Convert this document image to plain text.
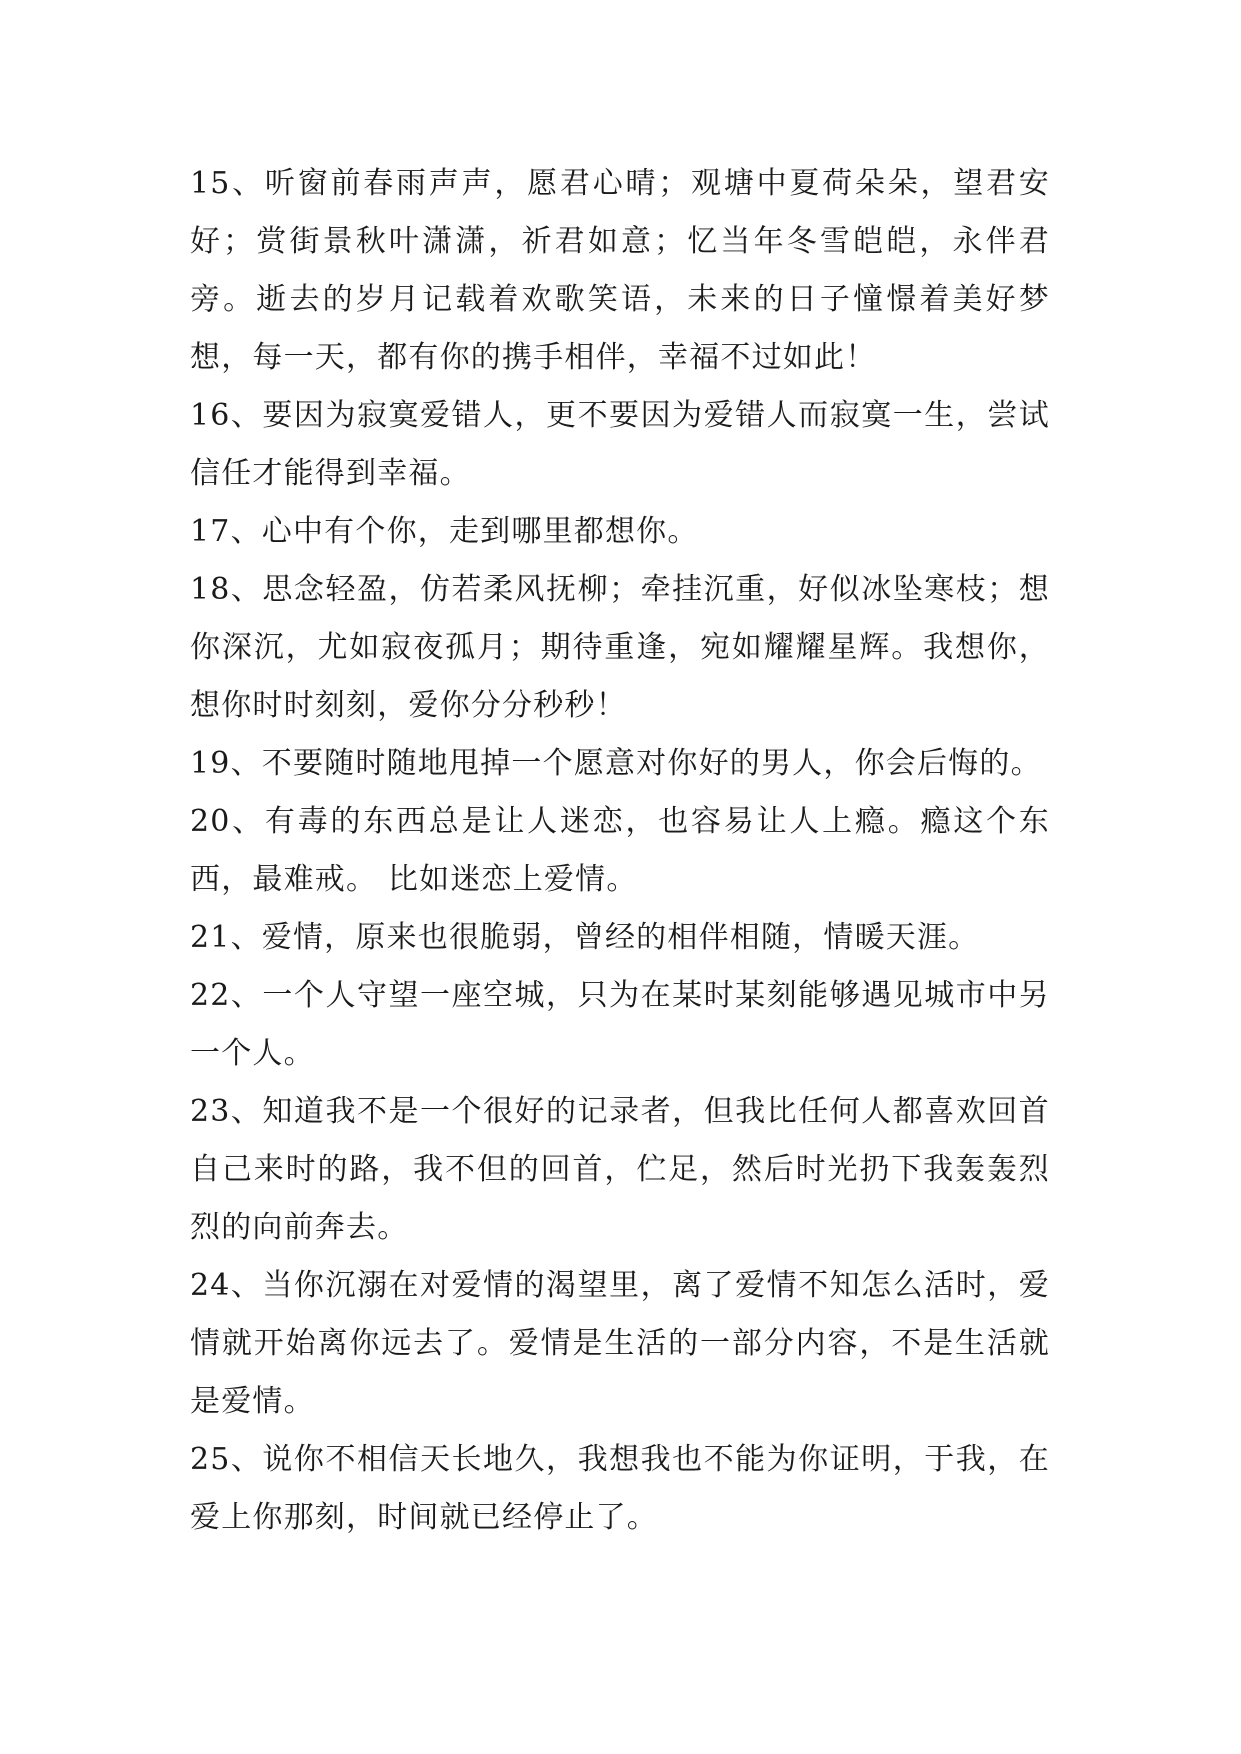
15、听窗前春雨声声，愿君心晴；观塘中夏荷朵朵，望君安好；赏街景秋叶潇潇，祈君如意；忆当年冬雪皑皑，永伴君旁。逝去的岁月记载着欢歌笑语，未来的日子憧憬着美好梦想，每一天，都有你的携手相伴，幸福不过如此！

16、要因为寂寞爱错人，更不要因为爱错人而寂寞一生，尝试信任才能得到幸福。

17、心中有个你，走到哪里都想你。

18、思念轻盈，仿若柔风抚柳；牵挂沉重，好似冰坠寒枝；想你深沉，尤如寂夜孤月；期待重逢，宛如耀耀星辉。我想你，想你时时刻刻，爱你分分秒秒！

19、不要随时随地甩掉一个愿意对你好的男人，你会后悔的。

20、有毒的东西总是让人迷恋，也容易让人上瘾。瘾这个东西，最难戒。 比如迷恋上爱情。

21、爱情，原来也很脆弱，曾经的相伴相随，情暖天涯。

22、一个人守望一座空城，只为在某时某刻能够遇见城市中另一个人。

23、知道我不是一个很好的记录者，但我比任何人都喜欢回首自己来时的路，我不但的回首，伫足，然后时光扔下我轰轰烈烈的向前奔去。

24、当你沉溺在对爱情的渴望里，离了爱情不知怎么活时，爱情就开始离你远去了。爱情是生活的一部分内容，不是生活就是爱情。

25、说你不相信天长地久，我想我也不能为你证明，于我，在爱上你那刻，时间就已经停止了。
